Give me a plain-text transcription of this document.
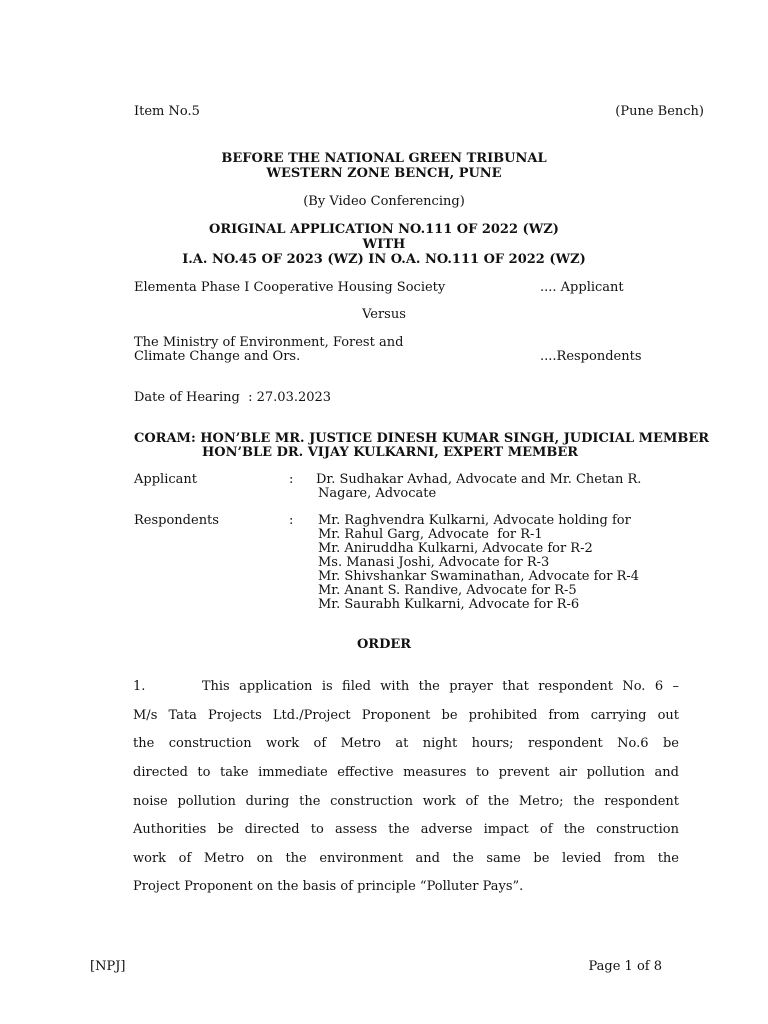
Item No.5	(Pune Bench)
BEFORE THE NATIONAL GREEN TRIBUNAL
WESTERN ZONE BENCH, PUNE
(By Video Conferencing)
ORIGINAL APPLICATION NO.111 OF 2022 (WZ)
WITH
I.A. NO.45 OF 2023 (WZ) IN O.A. NO.111 OF 2022 (WZ)
Elementa Phase I Cooperative Housing Society	.... Applicant
Versus
The Ministry of Environment, Forest and
Climate Change and Ors.	....Respondents
Date of Hearing  : 27.03.2023
CORAM: HON’BLE MR. JUSTICE DINESH KUMAR SINGH, JUDICIAL MEMBER
HON’BLE DR. VIJAY KULKARNI, EXPERT MEMBER
Applicant	: Dr. Sudhakar Avhad, Advocate and Mr. Chetan R.
Nagare, Advocate
Respondents	: Mr. Raghvendra Kulkarni, Advocate holding for
Mr. Rahul Garg, Advocate  for R-1
Mr. Aniruddha Kulkarni, Advocate for R-2
Ms. Manasi Joshi, Advocate for R-3
Mr. Shivshankar Swaminathan, Advocate for R-4
Mr. Anant S. Randive, Advocate for R-5
Mr. Saurabh Kulkarni, Advocate for R-6
ORDER
1.      This application is filed with the prayer that respondent No. 6 –
M/s Tata Projects Ltd./Project Proponent be prohibited from carrying out
the construction work of Metro at night hours; respondent No.6 be
directed to take immediate effective measures to prevent air pollution and
noise pollution during the construction work of the Metro; the respondent
Authorities be directed to assess the adverse impact of the construction
work of Metro on the environment and the same be levied from the
Project Proponent on the basis of principle “Polluter Pays”.
[NPJ]	Page 1 of 8
